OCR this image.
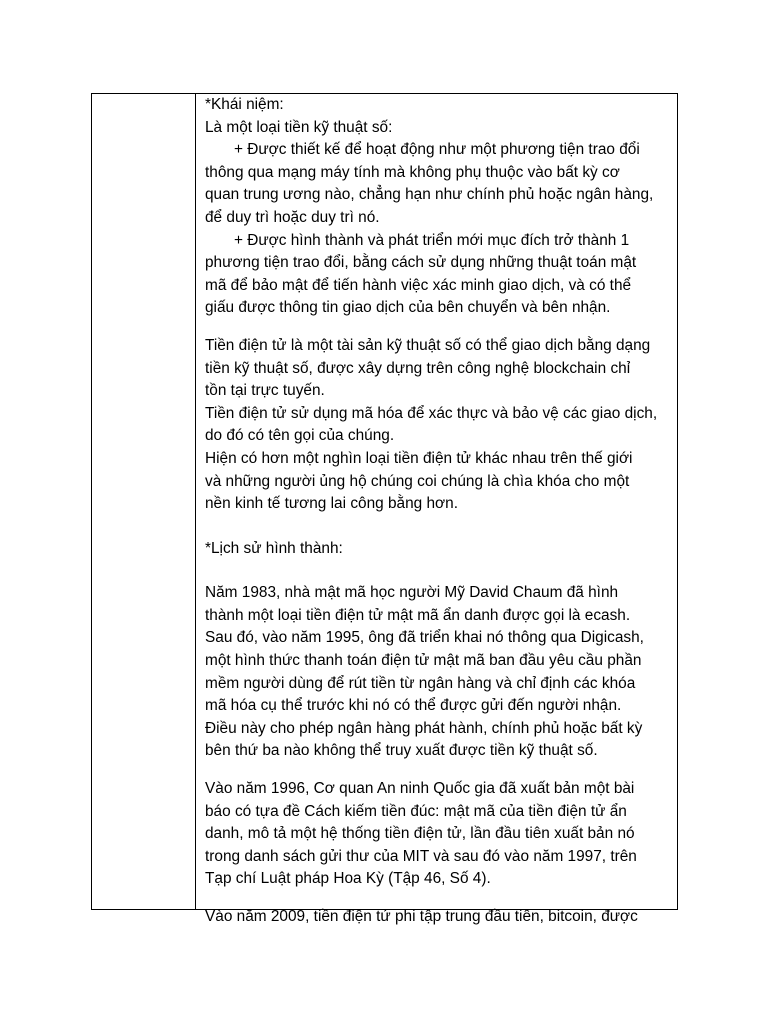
*Khái niệm:

Là một loại tiền kỹ thuật số:

+ Được thiết kế để hoạt động như một phương tiện trao đổi

thông qua mạng máy tính mà không phụ thuộc vào bất kỳ cơ

quan trung ương nào, chẳng hạn như chính phủ hoặc ngân hàng,

để duy trì hoặc duy trì nó.

+ Được hình thành và phát triển mới mục đích trở thành 1

phương tiện trao đổi, bằng cách sử dụng những thuật toán mật

mã để bảo mật để tiến hành việc xác minh giao dịch, và có thể

giấu được thông tin giao dịch của bên chuyển và bên nhận.

Tiền điện tử là một tài sản kỹ thuật số có thể giao dịch bằng dạng

tiền kỹ thuật số, được xây dựng trên công nghệ blockchain chỉ

tồn tại trực tuyến.

Tiền điện tử sử dụng mã hóa để xác thực và bảo vệ các giao dịch,

do đó có tên gọi của chúng.

Hiện có hơn một nghìn loại tiền điện tử khác nhau trên thế giới

và những người ủng hộ chúng coi chúng là chìa khóa cho một

nền kinh tế tương lai công bằng hơn.

*Lịch sử hình thành:

Năm 1983, nhà mật mã học người Mỹ David Chaum đã hình

thành một loại tiền điện tử mật mã ẩn danh được gọi là ecash.

Sau đó, vào năm 1995, ông đã triển khai nó thông qua Digicash,

một hình thức thanh toán điện tử mật mã ban đầu yêu cầu phần

mềm người dùng để rút tiền từ ngân hàng và chỉ định các khóa

mã hóa cụ thể trước khi nó có thể được gửi đến người nhận.

Điều này cho phép ngân hàng phát hành, chính phủ hoặc bất kỳ

bên thứ ba nào không thể truy xuất được tiền kỹ thuật số.

Vào năm 1996, Cơ quan An ninh Quốc gia đã xuất bản một bài

báo có tựa đề Cách kiếm tiền đúc: mật mã của tiền điện tử ẩn

danh, mô tả một hệ thống tiền điện tử, lần đầu tiên xuất bản nó

trong danh sách gửi thư của MIT và sau đó vào năm 1997, trên

Tạp chí Luật pháp Hoa Kỳ (Tập 46, Số 4).

Vào năm 2009, tiền điện tử phi tập trung đầu tiên, bitcoin, được
